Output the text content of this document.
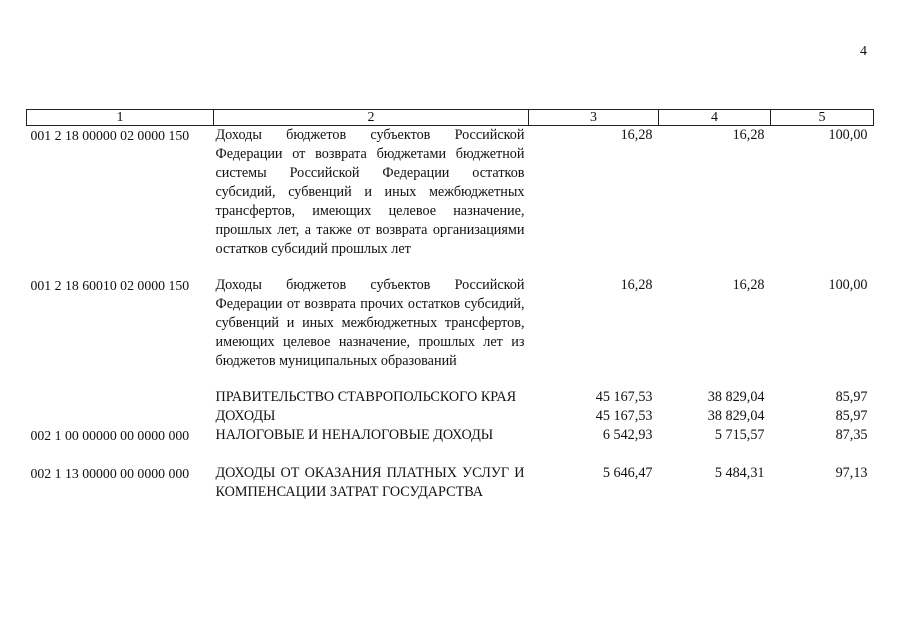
4
1	2	3	4	5
001 2 18 00000 02 0000 150	Доходы бюджетов субъектов Российской Федерации от возврата бюджетами бюджетной системы Российской Федерации остатков субсидий, субвенций и иных межбюджетных трансфертов, имеющих целевое назначение, прошлых лет, а также от возврата организациями остатков субсидий прошлых лет	16,28	16,28	100,00

001 2 18 60010 02 0000 150	Доходы бюджетов субъектов Российской Федерации от возврата прочих остатков субсидий, субвенций и иных межбюджетных трансфертов, имеющих целевое назначение, прошлых лет из бюджетов муниципальных образований	16,28	16,28	100,00

	ПРАВИТЕЛЬСТВО СТАВРОПОЛЬСКОГО КРАЯ	45 167,53	38 829,04	85,97
	ДОХОДЫ	45 167,53	38 829,04	85,97
002 1 00 00000 00 0000 000	НАЛОГОВЫЕ И НЕНАЛОГОВЫЕ ДОХОДЫ	6 542,93	5 715,57	87,35

002 1 13 00000 00 0000 000	ДОХОДЫ ОТ ОКАЗАНИЯ ПЛАТНЫХ УСЛУГ И КОМПЕНСАЦИИ ЗАТРАТ ГОСУДАРСТВА	5 646,47	5 484,31	97,13
